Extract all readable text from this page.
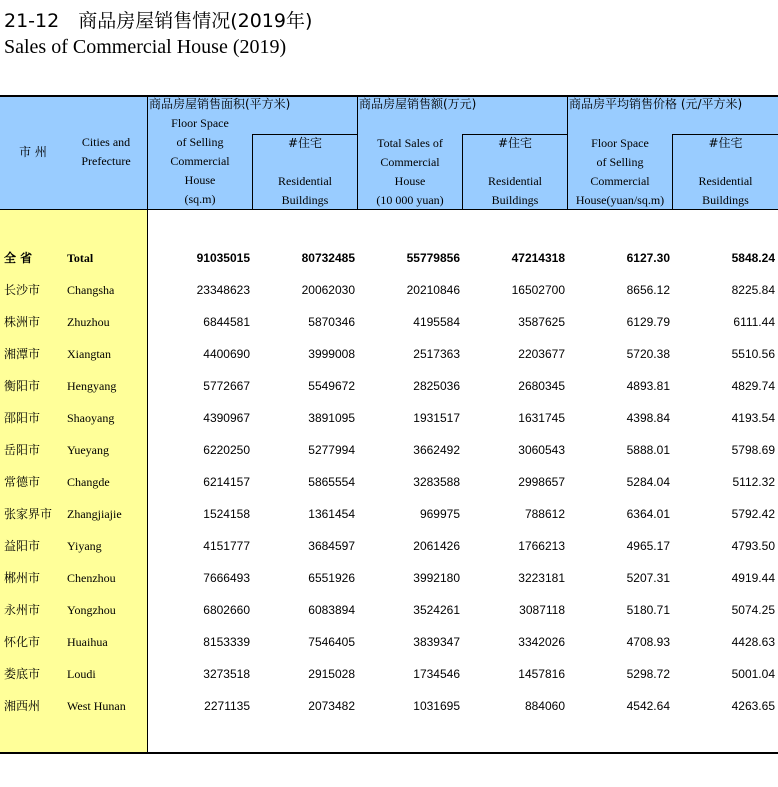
21-12　商品房屋销售情况(2019年)
Sales of Commercial House (2019)
市 州
Cities and
Prefecture
商品房屋销售面积(平方米)
Floor Space
of Selling
Commercial
House
(sq.m)
#住宅
Residential
Buildings
商品房屋销售额(万元)
Total Sales of
Commercial
House
(10 000 yuan)
#住宅
Residential
Buildings
商品房平均销售价格 (元/平方米)
Floor Space
of Selling
Commercial
House(yuan/sq.m)
#住宅
Residential
Buildings
全 省	Total	91035015	80732485	55779856	47214318	6127.30	5848.24
长沙市 Changsha	23348623	20062030	20210846	16502700	8656.12	8225.84
株洲市 Zhuzhou	6844581	5870346	4195584	3587625	6129.79	6111.44
湘潭市 Xiangtan	4400690	3999008	2517363	2203677	5720.38	5510.56
衡阳市 Hengyang	5772667	5549672	2825036	2680345	4893.81	4829.74
邵阳市 Shaoyang	4390967	3891095	1931517	1631745	4398.84	4193.54
岳阳市 Yueyang	6220250	5277994	3662492	3060543	5888.01	5798.69
常德市 Changde	6214157	5865554	3283588	2998657	5284.04	5112.32
张家界市 Zhangjiajie	1524158	1361454	969975	788612	6364.01	5792.42
益阳市 Yiyang	4151777	3684597	2061426	1766213	4965.17	4793.50
郴州市 Chenzhou	7666493	6551926	3992180	3223181	5207.31	4919.44
永州市 Yongzhou	6802660	6083894	3524261	3087118	5180.71	5074.25
怀化市 Huaihua	8153339	7546405	3839347	3342026	4708.93	4428.63
娄底市 Loudi	3273518	2915028	1734546	1457816	5298.72	5001.04
湘西州 West Hunan	2271135	2073482	1031695	884060	4542.64	4263.65
